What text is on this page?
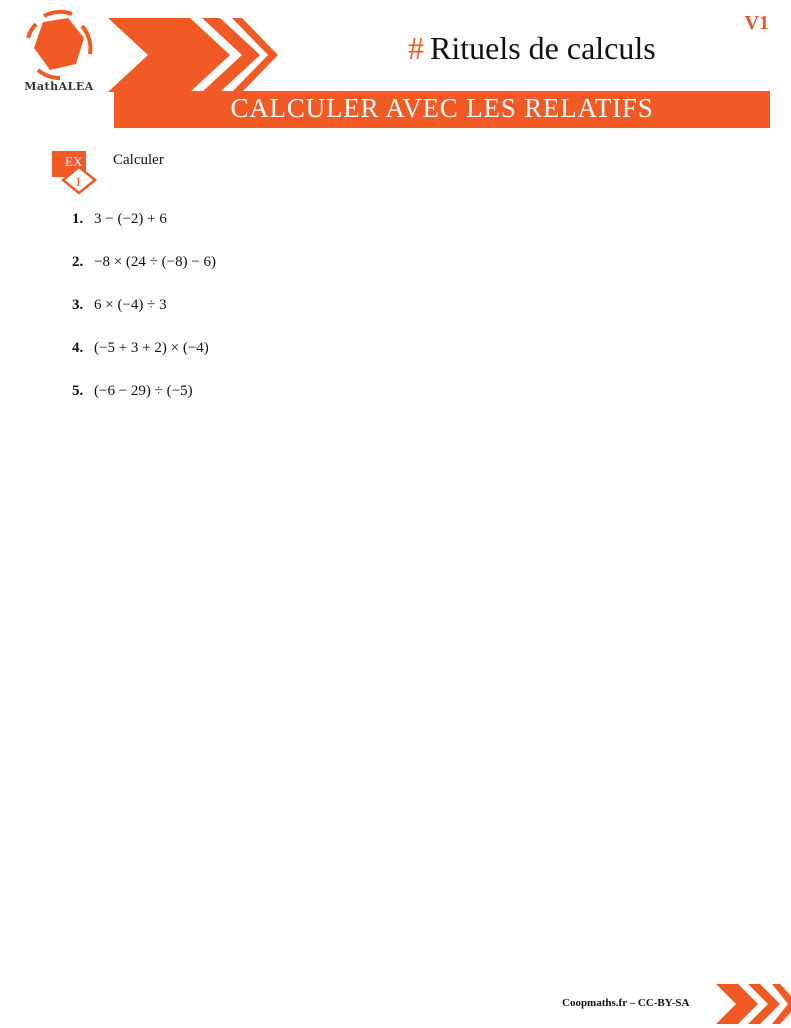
MathALEA
# Rituels de calculs
V1
CALCULER AVEC LES RELATIFS
EX
1
Calculer
1. 3 − (−2) + 6
2. −8 × (24 ÷ (−8) − 6)
3. 6 × (−4) ÷ 3
4. (−5 + 3 + 2) × (−4)
5. (−6 − 29) ÷ (−5)
Coopmaths.fr – CC-BY-SA
